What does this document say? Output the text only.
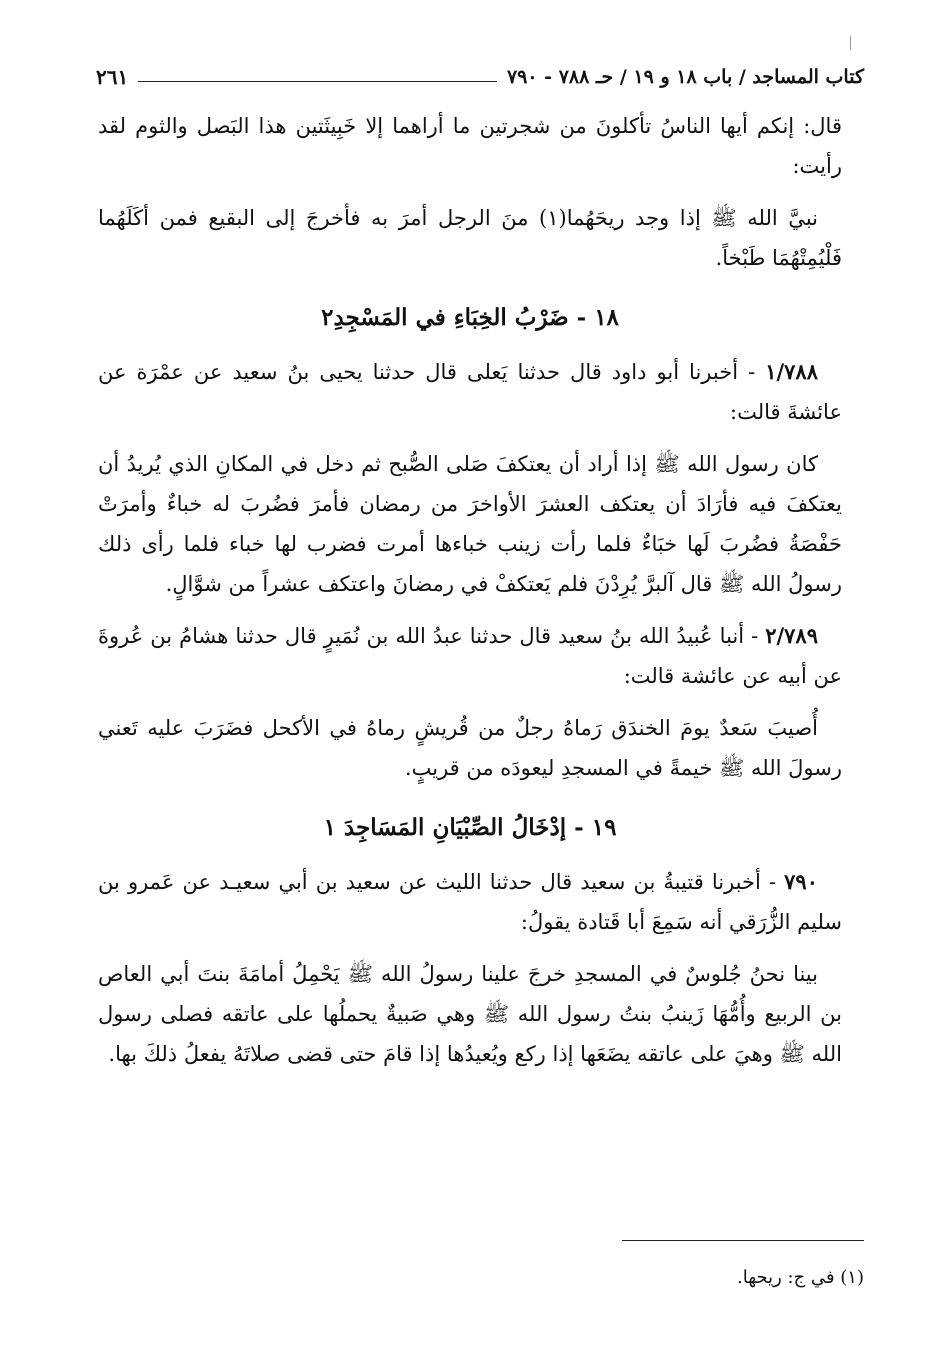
كتاب المساجد / باب ١٨ و ١٩ / حـ ٧٨٨ - ٧٩٠
٢٦١

قال: إنكم أيها الناسُ تأكلونَ من شجرتين ما أراهما إلا خَبِيثَتين هذا البَصل والثوم لقد رأيت:

نبيَّ الله ﷺ إذا وجد ريحَهُما(١) منَ الرجل أمرَ به فأخرجَ إلى البقيع فمن أكَلَهُما فَلْيُمِتْهُمَا طَبْخاً.

١٨ - ضَرْبُ الخِبَاءِ في المَسْجِدِ٢

١/٧٨٨ - أخبرنا أبو داود قال حدثنا يَعلى قال حدثنا يحيى بنُ سعيد عن عمْرَة عن عائشةَ قالت:

كان رسول الله ﷺ إذا أراد أن يعتكفَ صَلى الصُّبح ثم دخل في المكانِ الذي يُريدُ أن يعتكفَ فيه فأرَادَ أن يعتكف العشرَ الأواخرَ من رمضان فأمرَ فضُربَ له خباءٌ وأمرَتْ حَفْصَةُ فضُربَ لَها خبَاءٌ فلما رأت زينب خباءها أمرت فضرب لها خباء فلما رأى ذلك رسولُ الله ﷺ قال آلبرَّ يُرِدْنَ فلم يَعتكفْ في رمضانَ واعتكف عشراً من شوَّالٍ.

٢/٧٨٩ - أنبا عُبيدُ الله بنُ سعيد قال حدثنا عبدُ الله بن نُمَيرٍ قال حدثنا هشامُ بن عُروةَ عن أبيه عن عائشة قالت:

أُصيبَ سَعدٌ يومَ الخندَق رَماهُ رجلٌ من قُريشٍ رماهُ في الأكحل فضَرَبَ عليه تَعني رسولَ الله ﷺ خيمةً في المسجدِ ليعودَه من قريبٍ.

١٩ - إدْخَالُ الصِّبْيَانِ المَسَاجِدَ ١

٧٩٠ - أخبرنا قتيبةُ بن سعيد قال حدثنا الليث عن سعيد بن أبي سعيـد عن عَمرو بن سليم الزُّرَقي أنه سَمِعَ أبا قَتادة يقولُ:

بينا نحنُ جُلوسٌ في المسجدِ خرجَ علينا رسولُ الله ﷺ يَحْمِلُ أمامَةَ بنتَ أبي العاص بن الربيع وأُمُّهَا زَينبُ بنتُ رسول الله ﷺ وهي صَبيةٌ يحملُها على عاتقه فصلى رسول الله ﷺ وهيَ على عاتقه يضَعَها إذا ركع ويُعيدُها إذا قامَ حتى قضى صلاتَهُ يفعلُ ذلكَ بها.

(١) في ج: ريحها.
